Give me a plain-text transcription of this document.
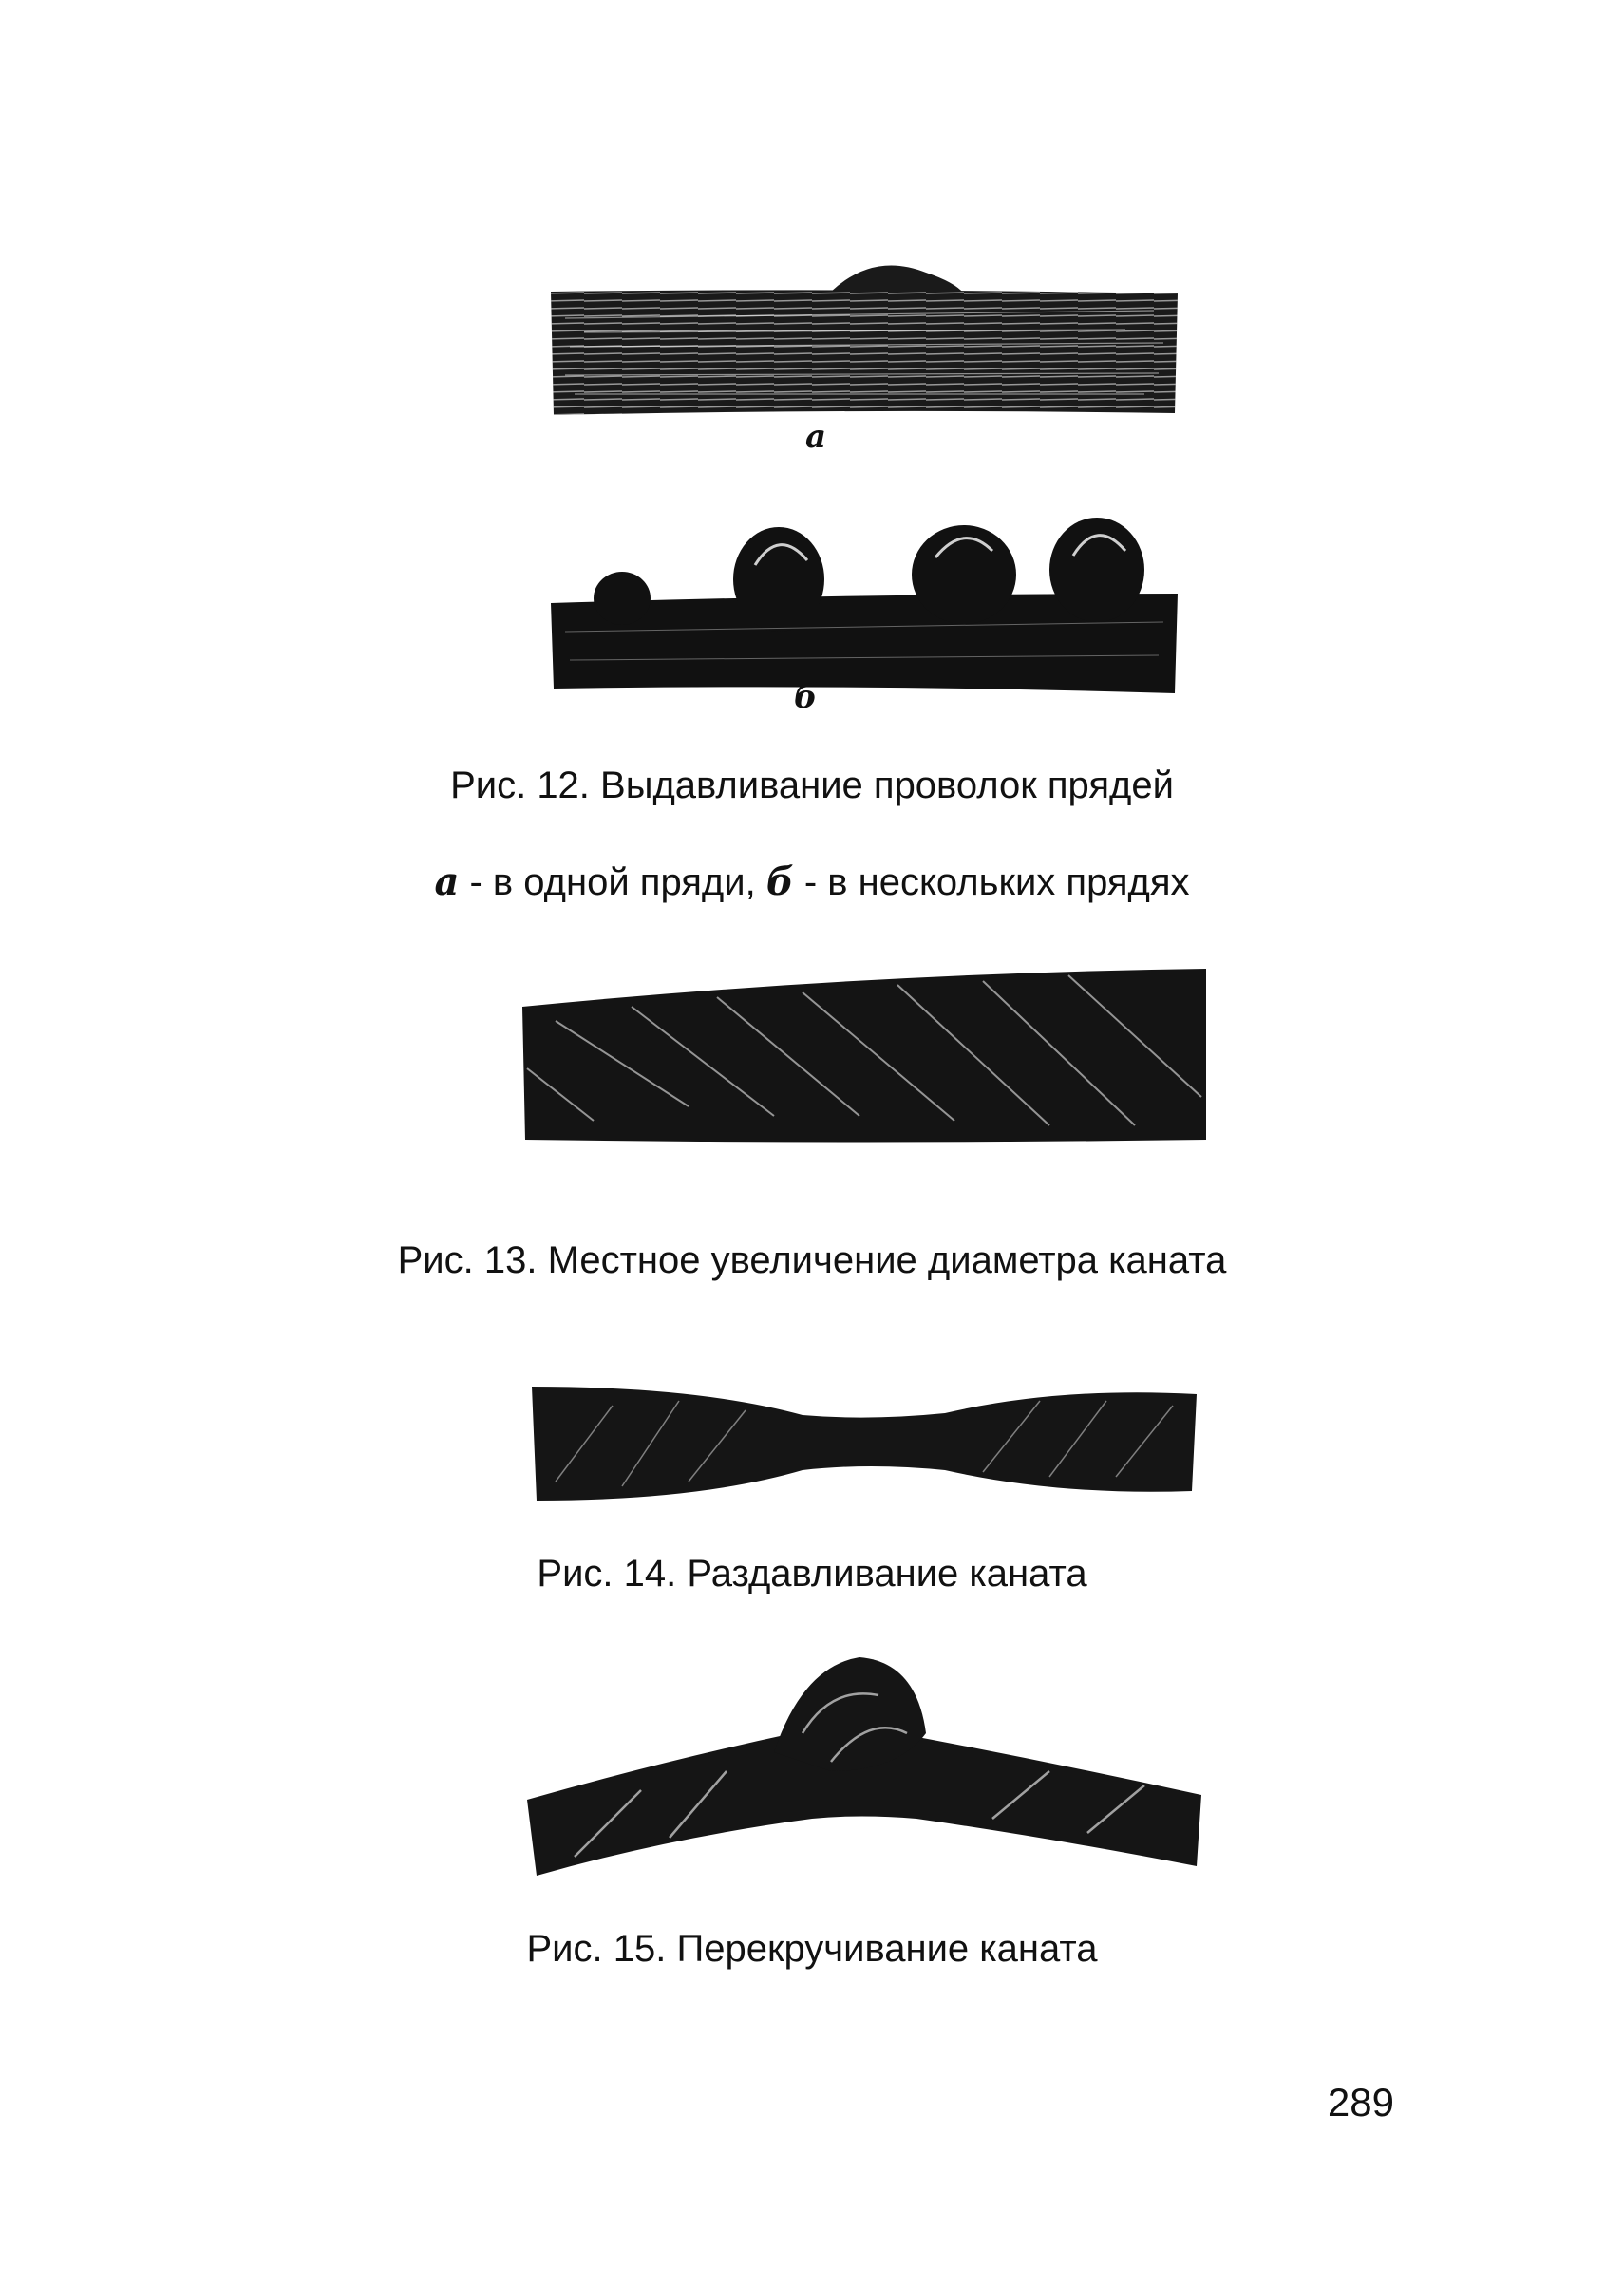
а
б
Рис. 12. Выдавливание проволок прядей
а - в одной пряди, б - в нескольких прядях
Рис. 13. Местное увеличение диаметра каната
Рис. 14. Раздавливание каната
Рис. 15. Перекручивание каната
289
